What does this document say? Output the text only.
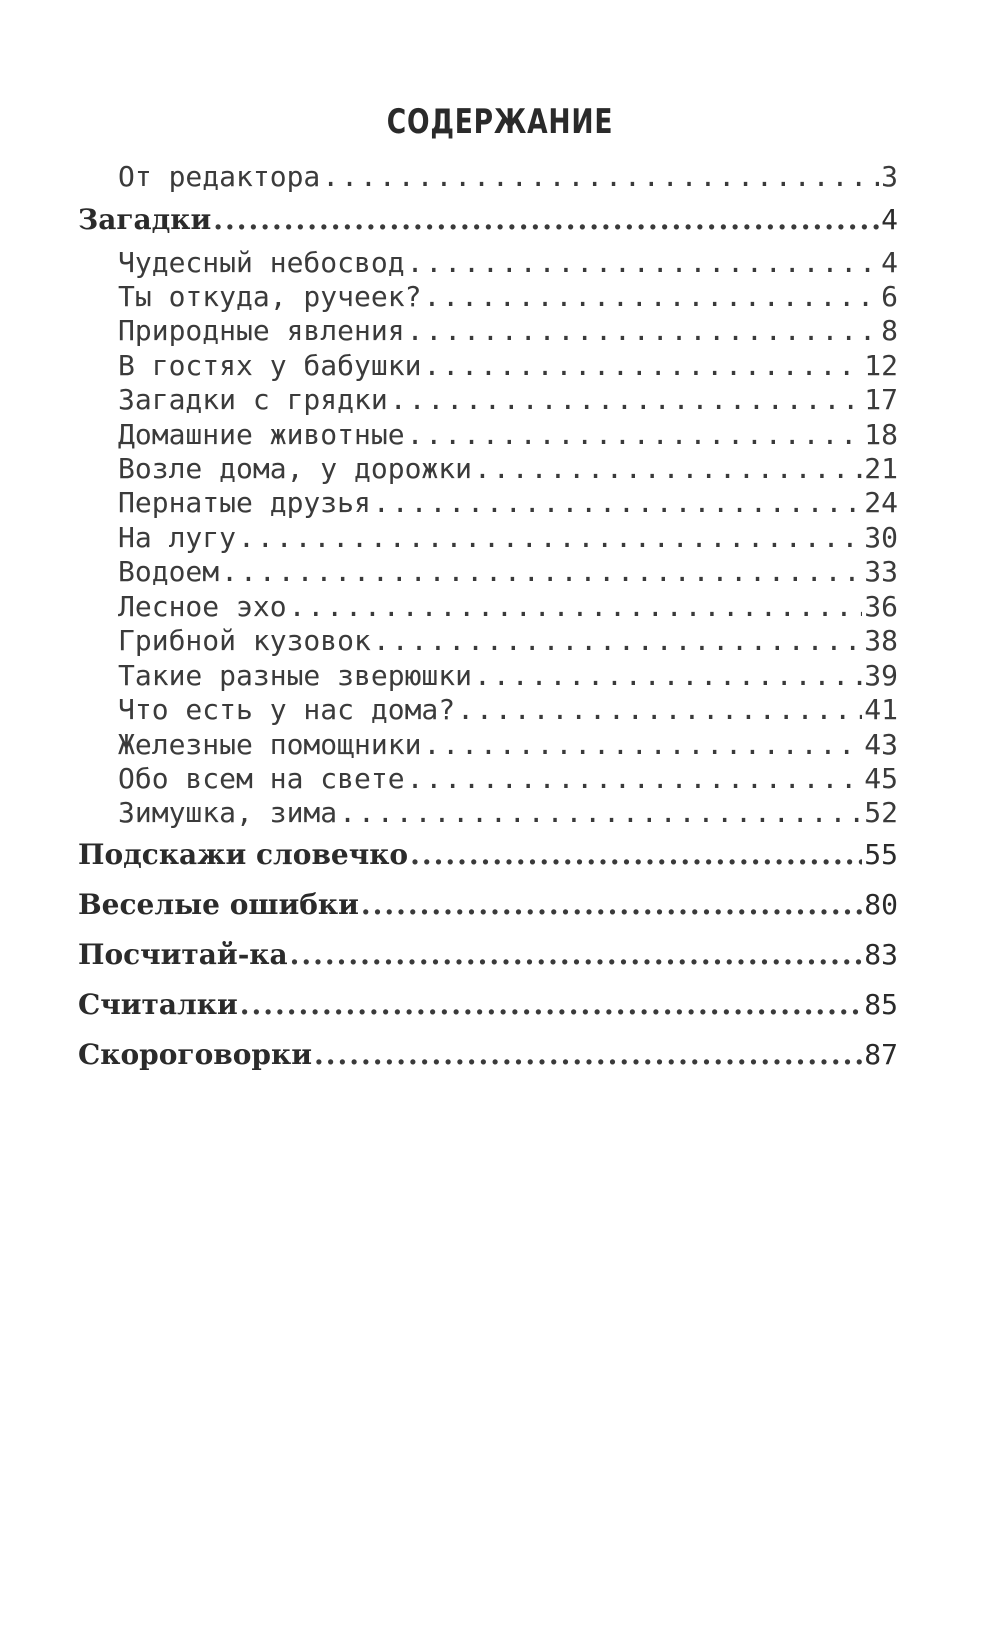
СОДЕРЖАНИЕ
От редактора .....	3
Загадки .....	4
Чудесный небосвод .....	4
Ты откуда, ручеек? .....	6
Природные явления .....	8
В гостях у бабушки .....	12
Загадки с грядки .....	17
Домашние животные .....	18
Возле дома, у дорожки .....	21
Пернатые друзья .....	24
На лугу .....	30
Водоем .....	33
Лесное эхо .....	36
Грибной кузовок .....	38
Такие разные зверюшки .....	39
Что есть у нас дома? .....	41
Железные помощники .....	43
Обо всем на свете .....	45
Зимушка, зима .....	52
Подскажи словечко .....	55
Веселые ошибки .....	80
Посчитай-ка .....	83
Считалки .....	85
Скороговорки .....	87
